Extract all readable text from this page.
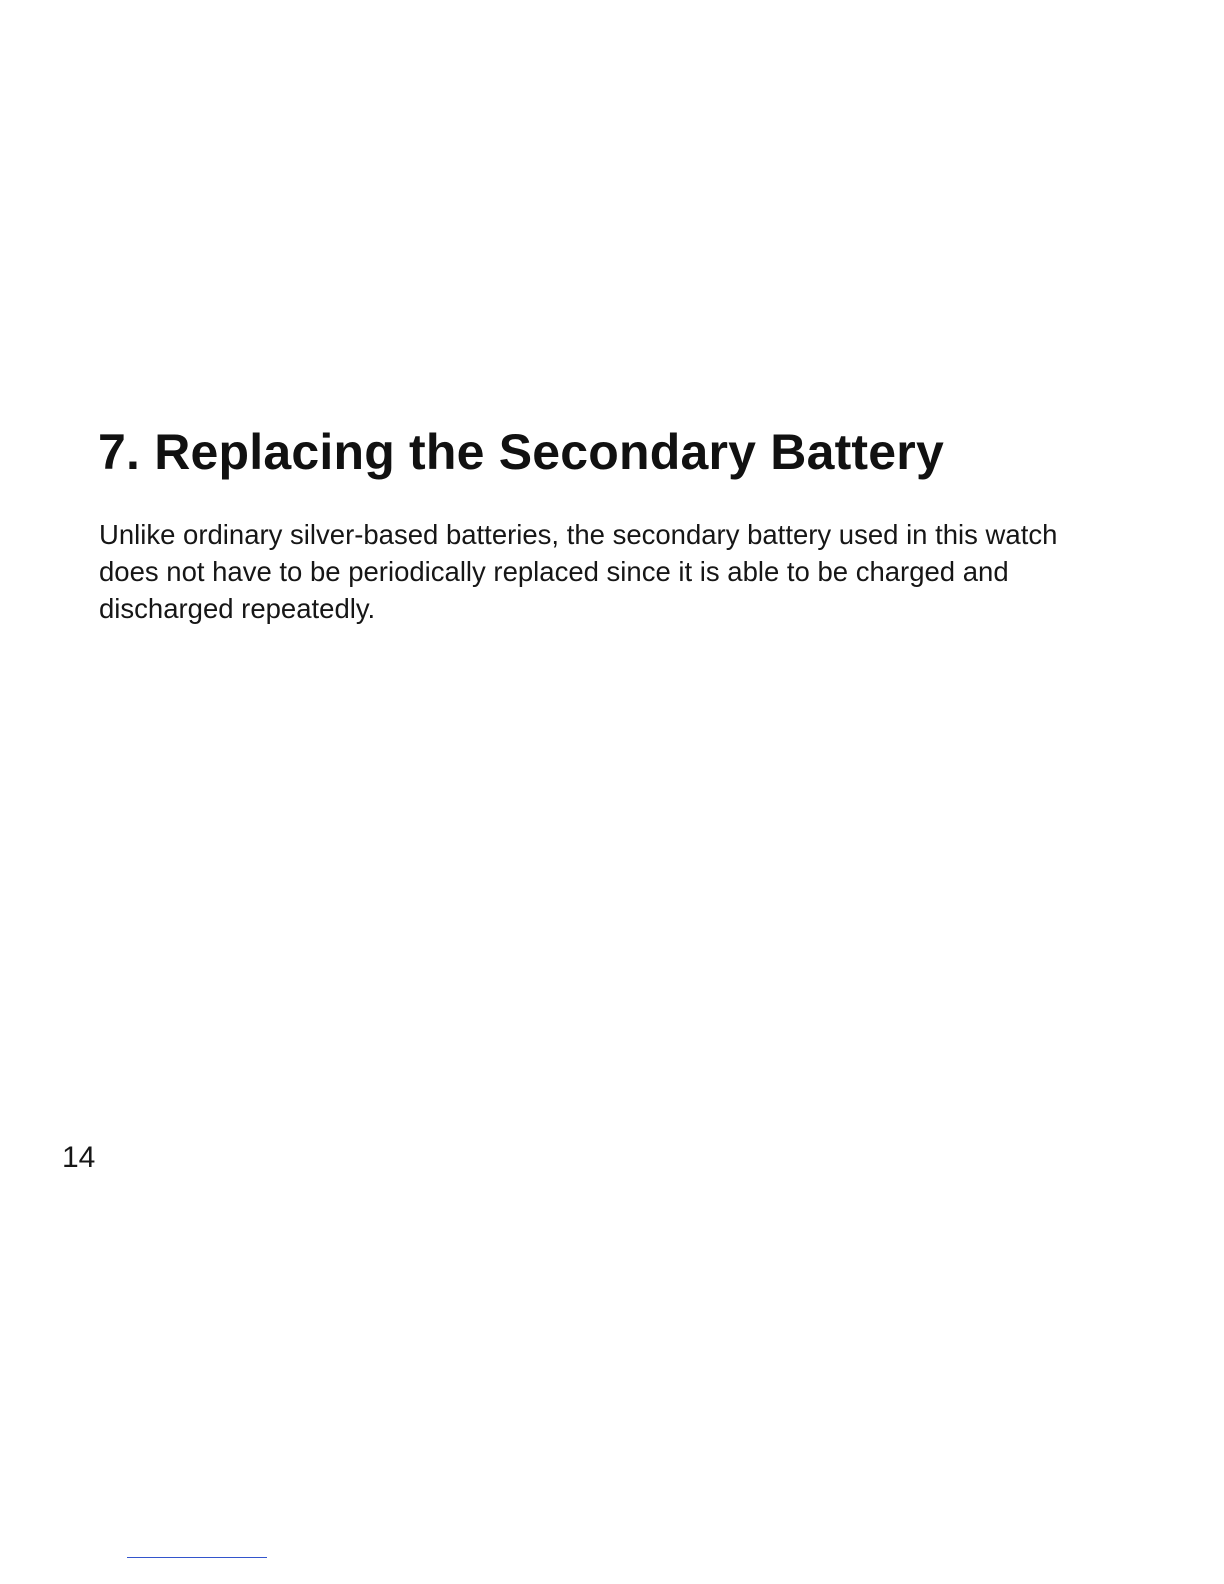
7. Replacing the Secondary Battery

Unlike ordinary silver-based batteries, the secondary battery used in this watch
does not have to be periodically replaced since it is able to be charged and
discharged repeatedly.

14
